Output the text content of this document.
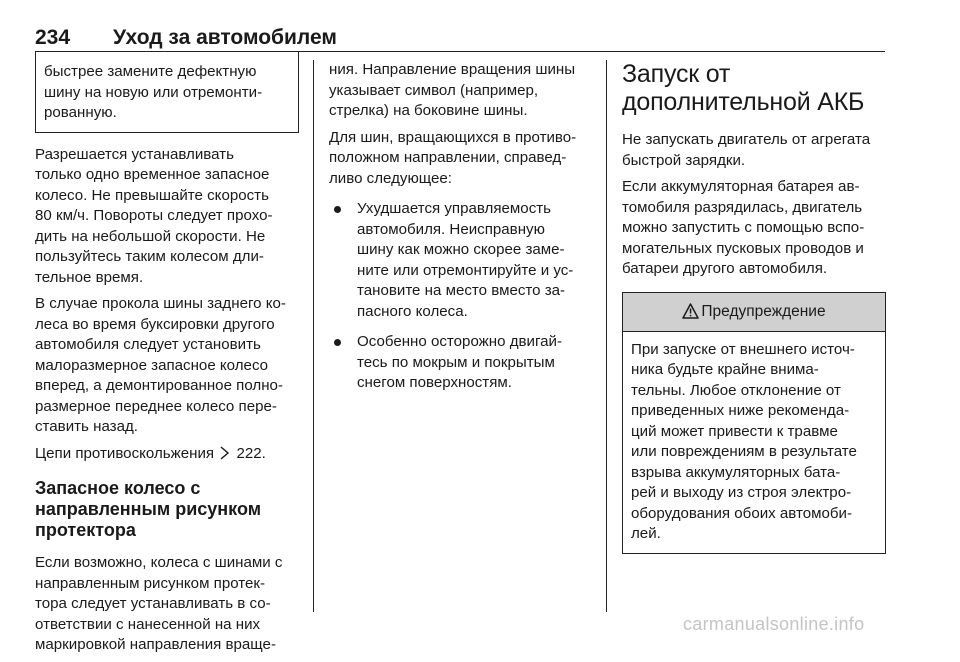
234 Уход за автомобилем
быстрее замените дефектную
шину на новую или отремонти-
рованную.

Разрешается устанавливать
только одно временное запасное
колесо. Не превышайте скорость
80 км/ч. Повороты следует прохо-
дить на небольшой скорости. Не
пользуйтесь таким колесом дли-
тельное время.

В случае прокола шины заднего ко-
леса во время буксировки другого
автомобиля следует установить
малоразмерное запасное колесо
вперед, а демонтированное полно-
размерное переднее колесо пере-
ставить назад.

Цепи противоскольжения 222.

Запасное колесо с
направленным рисунком
протектора

Если возможно, колеса с шинами с
направленным рисунком протек-
тора следует устанавливать в со-
ответствии с нанесенной на них
маркировкой направления враще-

ния. Направление вращения шины
указывает символ (например,
стрелка) на боковине шины.

Для шин, вращающихся в противо-
положном направлении, справед-
ливо следующее:

Ухудшается управляемость
автомобиля. Неисправную
шину как можно скорее заме-
ните или отремонтируйте и ус-
тановите на место вместо за-
пасного колеса.
Особенно осторожно двигай-
тесь по мокрым и покрытым
снегом поверхностям.
Запуск от
дополнительной АКБ

Не запускать двигатель от агрегата
быстрой зарядки.

Если аккумуляторная батарея ав-
томобиля разрядилась, двигатель
можно запустить с помощью вспо-
могательных пусковых проводов и
батареи другого автомобиля.

Предупреждение
При запуске от внешнего источ-
ника будьте крайне внима-
тельны. Любое отклонение от
приведенных ниже рекоменда-
ций может привести к травме
или повреждениям в результате
взрыва аккумуляторных бата-
рей и выходу из строя электро-
оборудования обоих автомоби-
лей.
carmanualsonline.info
